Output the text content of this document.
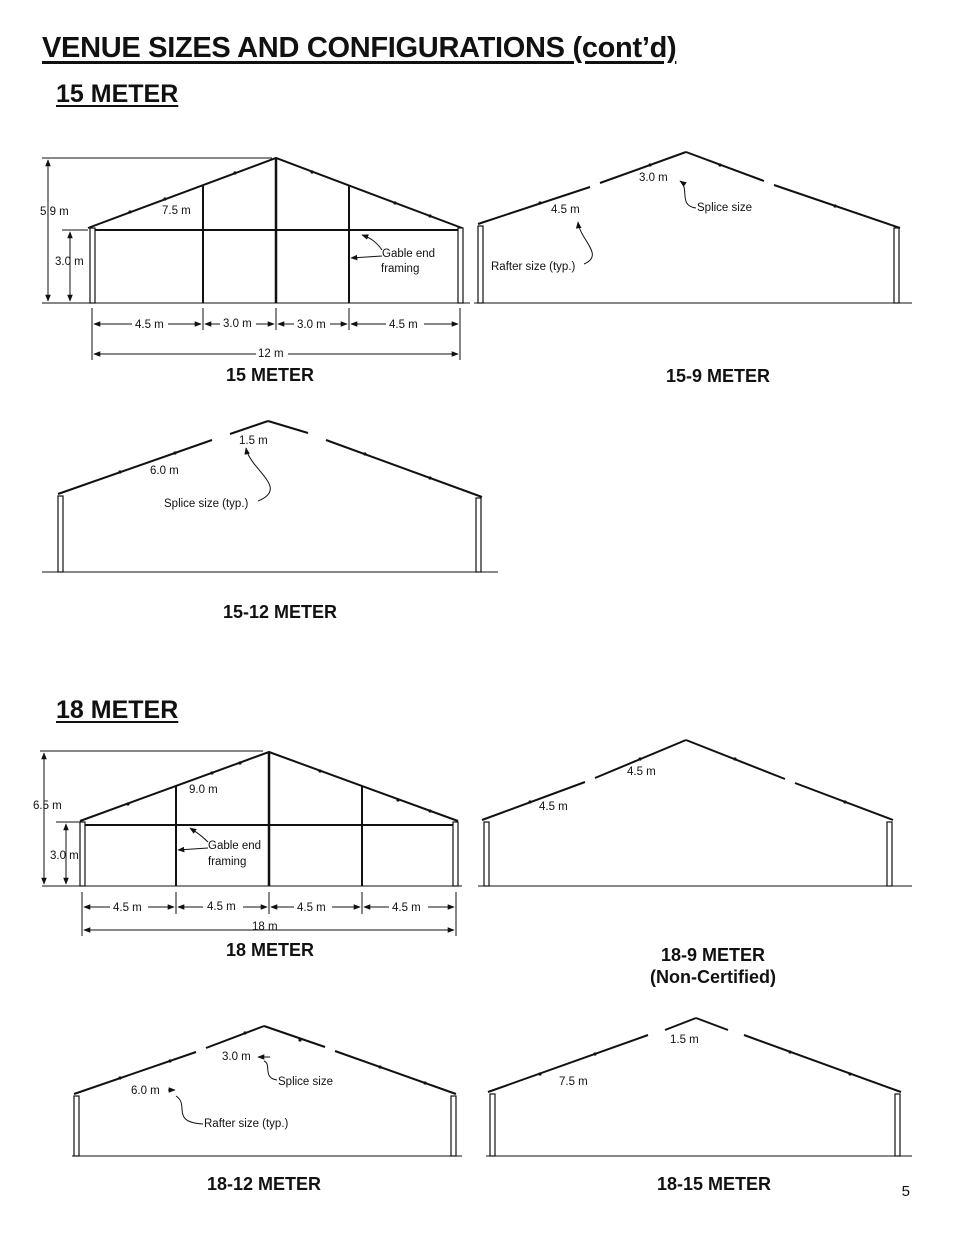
VENUE SIZES AND CONFIGURATIONS (cont’d)
15 METER
18 METER
5.9 m
3.0 m
7.5 m
Gable end
framing
4.5 m	3.0 m	3.0 m	4.5 m
12 m
3.0 m
Splice size
4.5 m
Rafter size (typ.)
1.5 m
6.0 m
Splice size (typ.)
6.5 m
3.0 m
9.0 m
Gable end
framing
4.5 m	4.5 m	4.5 m	4.5 m
18 m
4.5 m
4.5 m
3.0 m
Splice size
6.0 m
Rafter size (typ.)
1.5 m
7.5 m
15 METER	15-9 METER
15-12 METER
18 METER	18-9 METER
(Non-Certified)
18-12 METER	18-15 METER	5
